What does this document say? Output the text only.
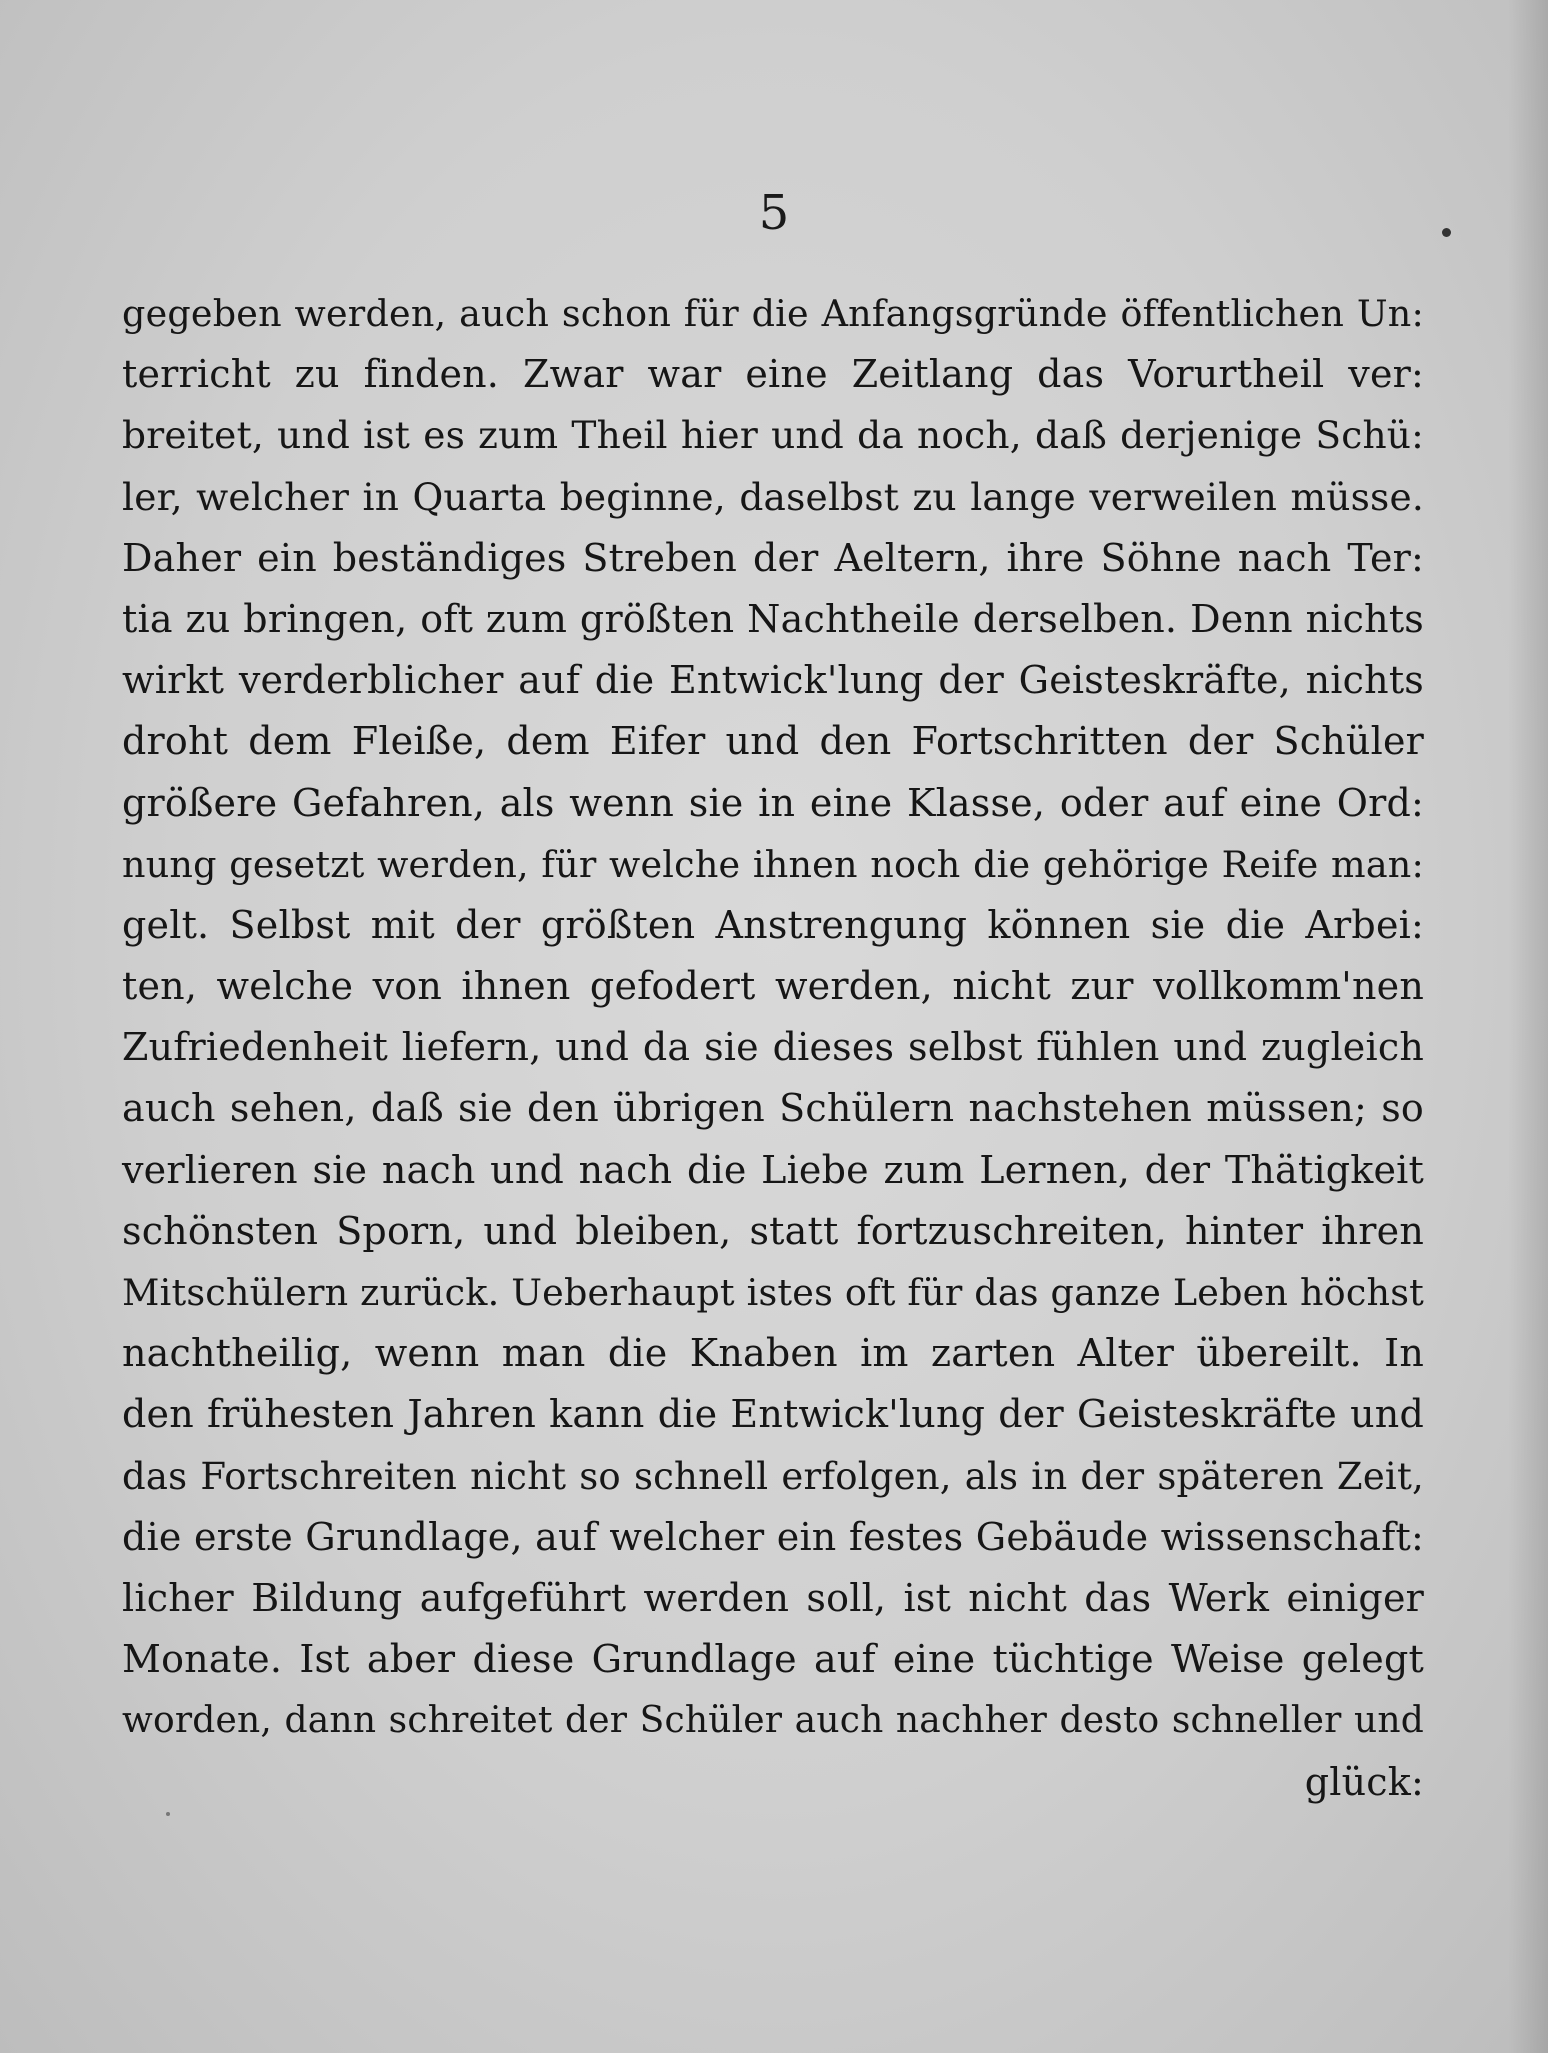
5
gegeben werden, auch schon für die Anfangsgründe öffentlichen Un:
terricht zu finden. Zwar war eine Zeitlang das Vorurtheil ver:
breitet, und ist es zum Theil hier und da noch, daß derjenige Schü:
ler, welcher in Quarta beginne, daselbst zu lange verweilen müsse.
Daher ein beständiges Streben der Aeltern, ihre Söhne nach Ter:
tia zu bringen, oft zum größten Nachtheile derselben. Denn nichts
wirkt verderblicher auf die Entwick'lung der Geisteskräfte, nichts
droht dem Fleiße, dem Eifer und den Fortschritten der Schüler
größere Gefahren, als wenn sie in eine Klasse, oder auf eine Ord:
nung gesetzt werden, für welche ihnen noch die gehörige Reife man:
gelt. Selbst mit der größten Anstrengung können sie die Arbei:
ten, welche von ihnen gefodert werden, nicht zur vollkomm'nen
Zufriedenheit liefern, und da sie dieses selbst fühlen und zugleich
auch sehen, daß sie den übrigen Schülern nachstehen müssen; so
verlieren sie nach und nach die Liebe zum Lernen, der Thätigkeit
schönsten Sporn, und bleiben, statt fortzuschreiten, hinter ihren
Mitschülern zurück. Ueberhaupt istes oft für das ganze Leben höchst
nachtheilig, wenn man die Knaben im zarten Alter übereilt. In
den frühesten Jahren kann die Entwick'lung der Geisteskräfte und
das Fortschreiten nicht so schnell erfolgen, als in der späteren Zeit,
die erste Grundlage, auf welcher ein festes Gebäude wissenschaft:
licher Bildung aufgeführt werden soll, ist nicht das Werk einiger
Monate. Ist aber diese Grundlage auf eine tüchtige Weise gelegt
worden, dann schreitet der Schüler auch nachher desto schneller und
glück:
